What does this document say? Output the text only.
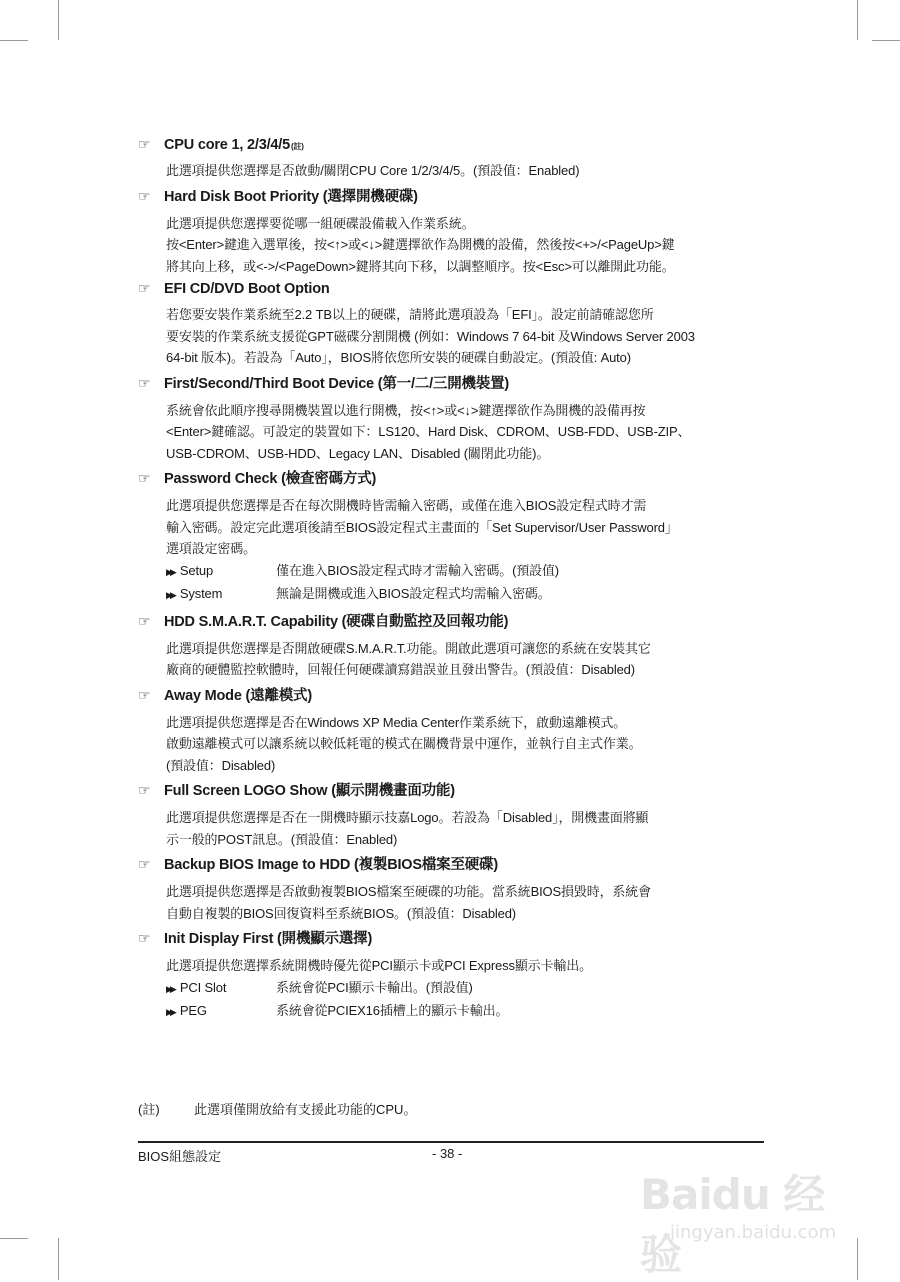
☞ CPU core 1, 2/3/4/5 (註)

此選項提供您選擇是否啟動/關閉CPU Core 1/2/3/4/5。(預設值：Enabled)

☞ Hard Disk Boot Priority (選擇開機硬碟)

此選項提供您選擇要從哪一組硬碟設備載入作業系統。

按<Enter>鍵進入選單後，按<↑>或<↓>鍵選擇欲作為開機的設備，然後按<+>/<PageUp>鍵

將其向上移，或<->/<PageDown>鍵將其向下移，以調整順序。按<Esc>可以離開此功能。

☞ EFI CD/DVD Boot Option

若您要安裝作業系統至2.2 TB以上的硬碟，請將此選項設為「EFI」。設定前請確認您所

要安裝的作業系統支援從GPT磁碟分割開機 (例如：Windows 7 64-bit 及Windows Server 2003

64-bit 版本)。若設為「Auto」，BIOS將依您所安裝的硬碟自動設定。(預設值: Auto)

☞ First/Second/Third Boot Device (第一/二/三開機裝置)

系統會依此順序搜尋開機裝置以進行開機，按<↑>或<↓>鍵選擇欲作為開機的設備再按

<Enter>鍵確認。可設定的裝置如下：LS120、Hard Disk、CDROM、USB-FDD、USB-ZIP、

USB-CDROM、USB-HDD、Legacy LAN、Disabled (關閉此功能)。

☞ Password Check (檢查密碼方式)

此選項提供您選擇是否在每次開機時皆需輸入密碼，或僅在進入BIOS設定程式時才需

輸入密碼。設定完此選項後請至BIOS設定程式主畫面的「Set Supervisor/User Password」

選項設定密碼。

▶▶ Setup	僅在進入BIOS設定程式時才需輸入密碼。(預設值)
▶▶ System	無論是開機或進入BIOS設定程式均需輸入密碼。
☞ HDD S.M.A.R.T. Capability (硬碟自動監控及回報功能)

此選項提供您選擇是否開啟硬碟S.M.A.R.T.功能。開啟此選項可讓您的系統在安裝其它

廠商的硬體監控軟體時，回報任何硬碟讀寫錯誤並且發出警告。(預設值：Disabled)

☞ Away Mode (遠離模式)

此選項提供您選擇是否在Windows XP Media Center作業系統下，啟動遠離模式。

啟動遠離模式可以讓系統以較低耗電的模式在關機背景中運作，並執行自主式作業。

(預設值：Disabled)

☞ Full Screen LOGO Show (顯示開機畫面功能)

此選項提供您選擇是否在一開機時顯示技嘉Logo。若設為「Disabled」，開機畫面將顯

示一般的POST訊息。(預設值：Enabled)

☞ Backup BIOS Image to HDD (複製BIOS檔案至硬碟)

此選項提供您選擇是否啟動複製BIOS檔案至硬碟的功能。當系統BIOS損毀時，系統會

自動自複製的BIOS回復資料至系統BIOS。(預設值：Disabled)

☞ Init Display First (開機顯示選擇)

此選項提供您選擇系統開機時優先從PCI顯示卡或PCI Express顯示卡輸出。

▶▶ PCI Slot	系統會從PCI顯示卡輸出。(預設值)
▶▶ PEG	系統會從PCIEX16插槽上的顯示卡輸出。
(註)	此選項僅開放給有支援此功能的CPU。
BIOS組態設定	- 38 -
Baidu 经验
jingyan.baidu.com
